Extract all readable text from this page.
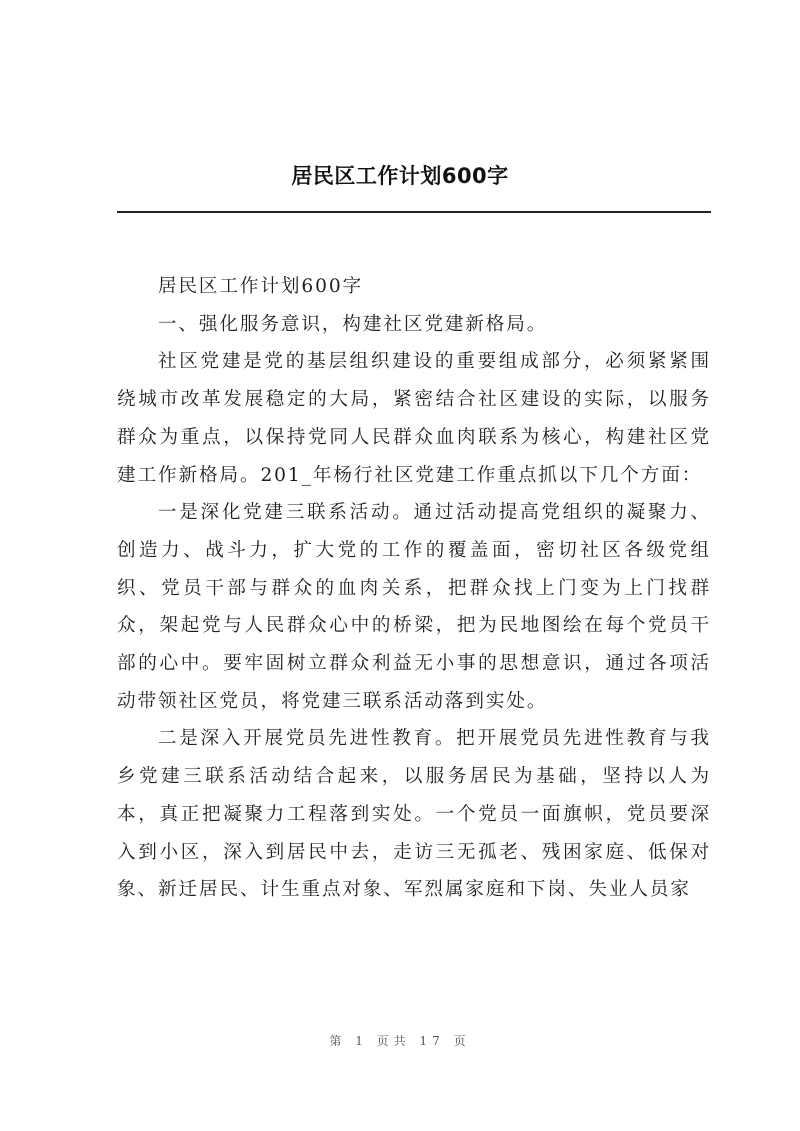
居民区工作计划600字

居民区工作计划600字

一、强化服务意识，构建社区党建新格局。

社区党建是党的基层组织建设的重要组成部分，必须紧紧围绕城市改革发展稳定的大局，紧密结合社区建设的实际，以服务群众为重点，以保持党同人民群众血肉联系为核心，构建社区党建工作新格局。201_年杨行社区党建工作重点抓以下几个方面：

一是深化党建三联系活动。通过活动提高党组织的凝聚力、创造力、战斗力，扩大党的工作的覆盖面，密切社区各级党组织、党员干部与群众的血肉关系，把群众找上门变为上门找群众，架起党与人民群众心中的桥梁，把为民地图绘在每个党员干部的心中。要牢固树立群众利益无小事的思想意识，通过各项活动带领社区党员，将党建三联系活动落到实处。

二是深入开展党员先进性教育。把开展党员先进性教育与我乡党建三联系活动结合起来，以服务居民为基础，坚持以人为本，真正把凝聚力工程落到实处。一个党员一面旗帜，党员要深入到小区，深入到居民中去，走访三无孤老、残困家庭、低保对象、新迁居民、计生重点对象、军烈属家庭和下岗、失业人员家

第 1 页共 17 页
